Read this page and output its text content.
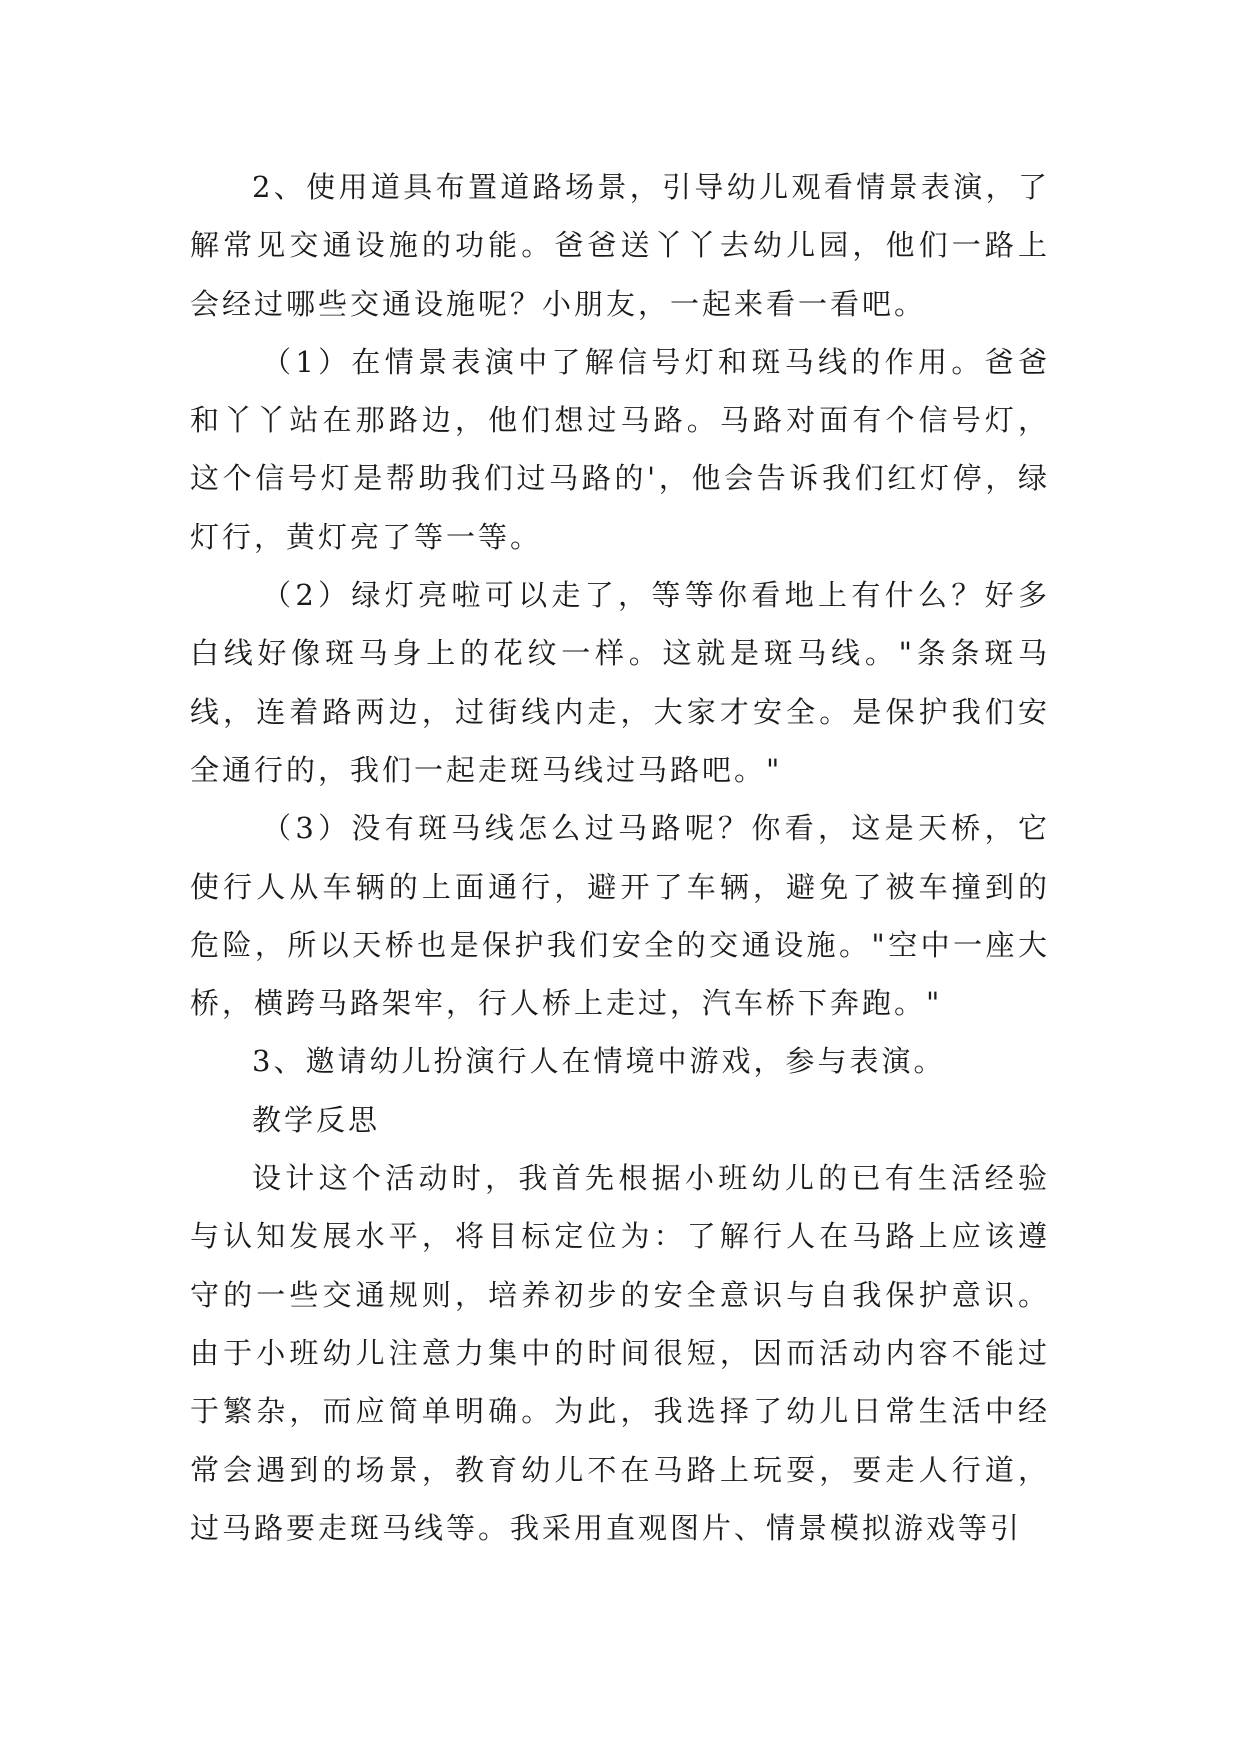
2、使用道具布置道路场景，引导幼儿观看情景表演，了解常见交通设施的功能。爸爸送丫丫去幼儿园，他们一路上会经过哪些交通设施呢？小朋友，一起来看一看吧。

（1）在情景表演中了解信号灯和斑马线的作用。爸爸和丫丫站在那路边，他们想过马路。马路对面有个信号灯，这个信号灯是帮助我们过马路的'，他会告诉我们红灯停，绿灯行，黄灯亮了等一等。

（2）绿灯亮啦可以走了，等等你看地上有什么？好多白线好像斑马身上的花纹一样。这就是斑马线。"条条斑马线，连着路两边，过街线内走，大家才安全。是保护我们安全通行的，我们一起走斑马线过马路吧。"

（3）没有斑马线怎么过马路呢？你看，这是天桥，它使行人从车辆的上面通行，避开了车辆，避免了被车撞到的危险，所以天桥也是保护我们安全的交通设施。"空中一座大桥，横跨马路架牢，行人桥上走过，汽车桥下奔跑。"

3、邀请幼儿扮演行人在情境中游戏，参与表演。

教学反思

设计这个活动时，我首先根据小班幼儿的已有生活经验与认知发展水平，将目标定位为：了解行人在马路上应该遵守的一些交通规则，培养初步的安全意识与自我保护意识。由于小班幼儿注意力集中的时间很短，因而活动内容不能过于繁杂，而应简单明确。为此，我选择了幼儿日常生活中经常会遇到的场景，教育幼儿不在马路上玩耍，要走人行道，过马路要走斑马线等。我采用直观图片、情景模拟游戏等引
